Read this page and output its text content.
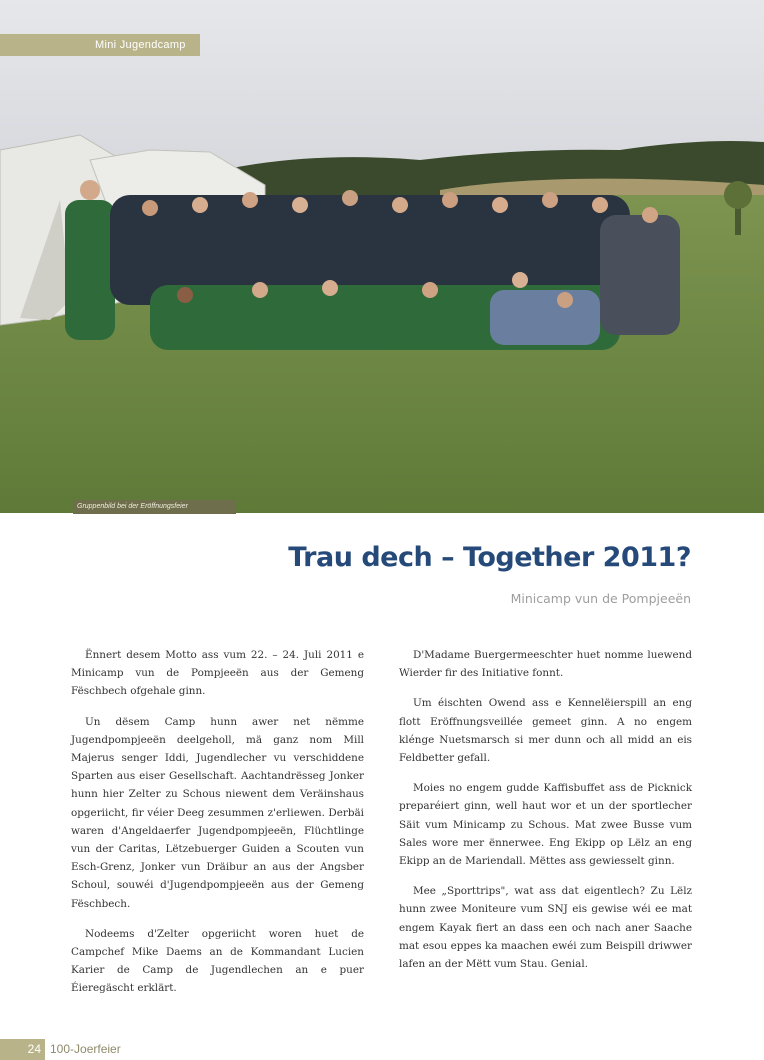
Mini Jugendcamp
Gruppenbild bei der Eröffnungsfeier
Trau dech – Together 2011?
Minicamp vun de Pompjeeën

Ënnert desem Motto ass vum 22. – 24. Juli 2011 e Minicamp vun de Pompjeeën aus der Gemeng Fëschbech ofgehale ginn.

Un dësem Camp hunn awer net nëmme Jugendpompjeeën deelgeholl, mä ganz nom Mill Majerus senger Iddi, Jugendlecher vu verschiddene Sparten aus eiser Gesellschaft. Aachtandrësseg Jonker hunn hier Zelter zu Schous niewent dem Veräinshaus opgeriicht, fir véier Deeg zesummen z'erliewen. Derbäi waren d'Angeldaerfer Jugendpompjeeën, Flüchtlinge vun der Caritas, Lëtzebuerger Guiden a Scouten vun Esch-Grenz, Jonker vun Dräibur an aus der Angsber Schoul, souwéi d'Jugendpompjeeën aus der Gemeng Fëschbech.

Nodeems d'Zelter opgeriicht woren huet de Campchef Mike Daems an de Kommandant Lucien Karier de Camp de Jugendlechen an e puer Éieregäscht erklärt.

D'Madame Buergermeeschter huet nomme luewend Wierder fir des Initiative fonnt.

Um éischten Owend ass e Kennelëierspill an eng flott Eröffnungsveillée gemeet ginn. A no engem klénge Nuetsmarsch si mer dunn och all midd an eis Feldbetter gefall.

Moies no engem gudde Kaffisbuffet ass de Picknick preparéiert ginn, well haut wor et un der sportlecher Säit vum Minicamp zu Schous. Mat zwee Busse vum Sales wore mer ënnerwee. Eng Ekipp op Lëlz an eng Ekipp an de Mariendall. Mëttes ass gewiesselt ginn.

Mee „Sporttrips", wat ass dat eigentlech? Zu Lëlz hunn zwee Moniteure vum SNJ eis gewise wéi ee mat engem Kayak fiert an dass een och nach aner Saache mat esou eppes ka maachen ewéi zum Beispill driwwer lafen an der Mëtt vum Stau. Genial.

24 100-Joerfeier
